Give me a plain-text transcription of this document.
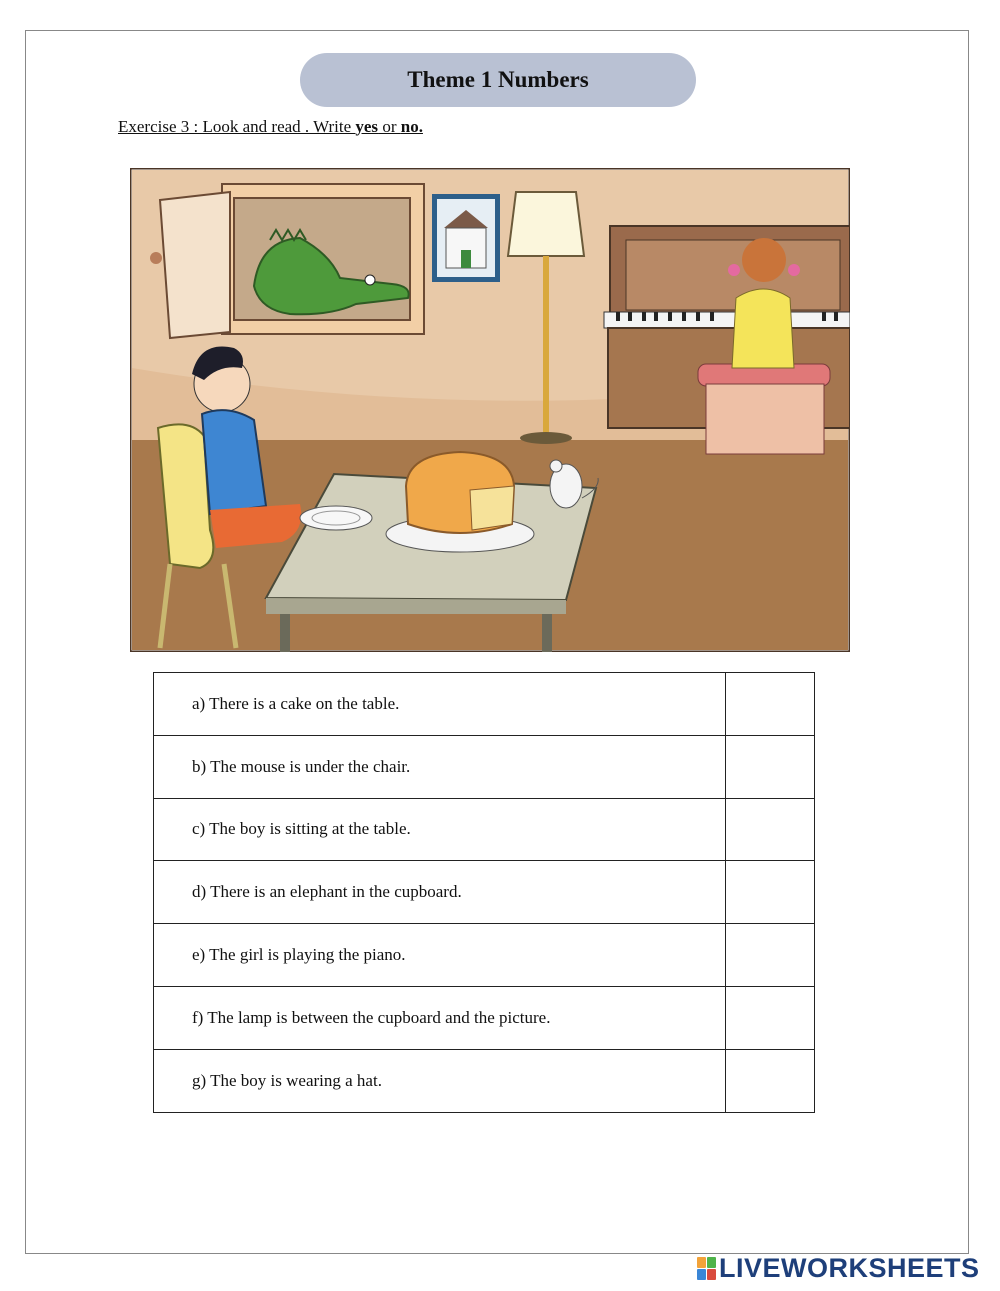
Theme 1 Numbers
Exercise 3 : Look and read . Write yes or no.
a) There is a cake on the table.	

b) The mouse is under the chair.	

c) The boy is sitting at the table.	

d) There is an elephant in the cupboard.	

e) The girl is playing the piano.	

f) The lamp is between the cupboard and the picture.	

g) The boy is wearing a hat.	
LIVEWORKSHEETS
